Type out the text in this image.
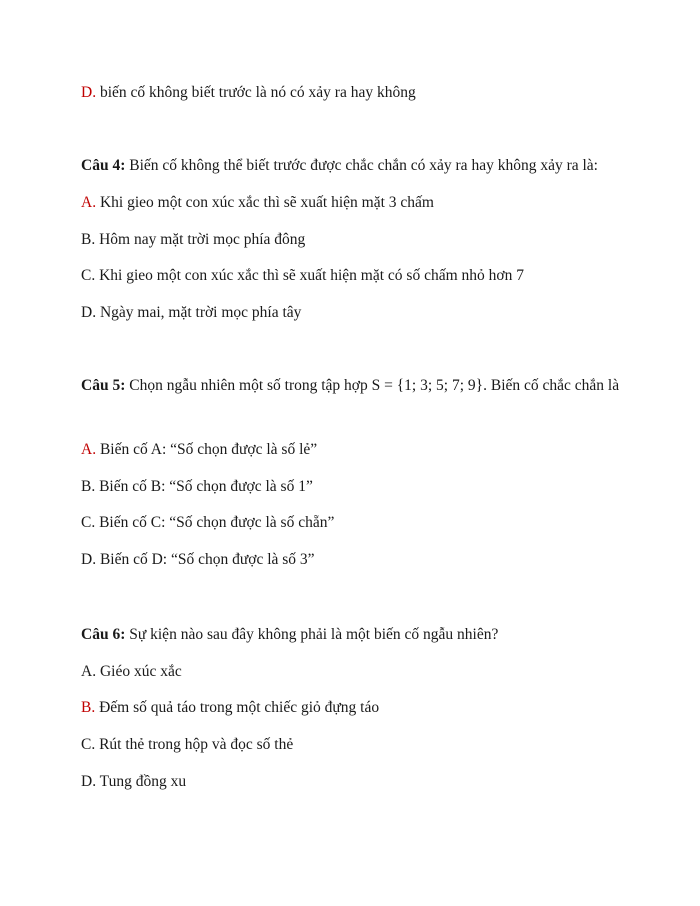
D. biến cố không biết trước là nó có xảy ra hay không
Câu 4: Biến cố không thể biết trước được chắc chắn có xảy ra hay không xảy ra là:
A. Khi gieo một con xúc xắc thì sẽ xuất hiện mặt 3 chấm
B. Hôm nay mặt trời mọc phía đông
C. Khi gieo một con xúc xắc thì sẽ xuất hiện mặt có số chấm nhỏ hơn 7
D. Ngày mai, mặt trời mọc phía tây
Câu 5: Chọn ngẫu nhiên một số trong tập hợp S = {1; 3; 5; 7; 9}. Biến cố chắc chắn là
A. Biến cố A: “Số chọn được là số lẻ”
B. Biến cố B: “Số chọn được là số 1”
C. Biến cố C: “Số chọn được là số chẵn”
D. Biến cố D: “Số chọn được là số 3”
Câu 6: Sự kiện nào sau đây không phải là một biến cố ngẫu nhiên?
A. Giéo xúc xắc
B. Đếm số quả táo trong một chiếc giỏ đựng táo
C. Rút thẻ trong hộp và đọc số thẻ
D. Tung đồng xu
